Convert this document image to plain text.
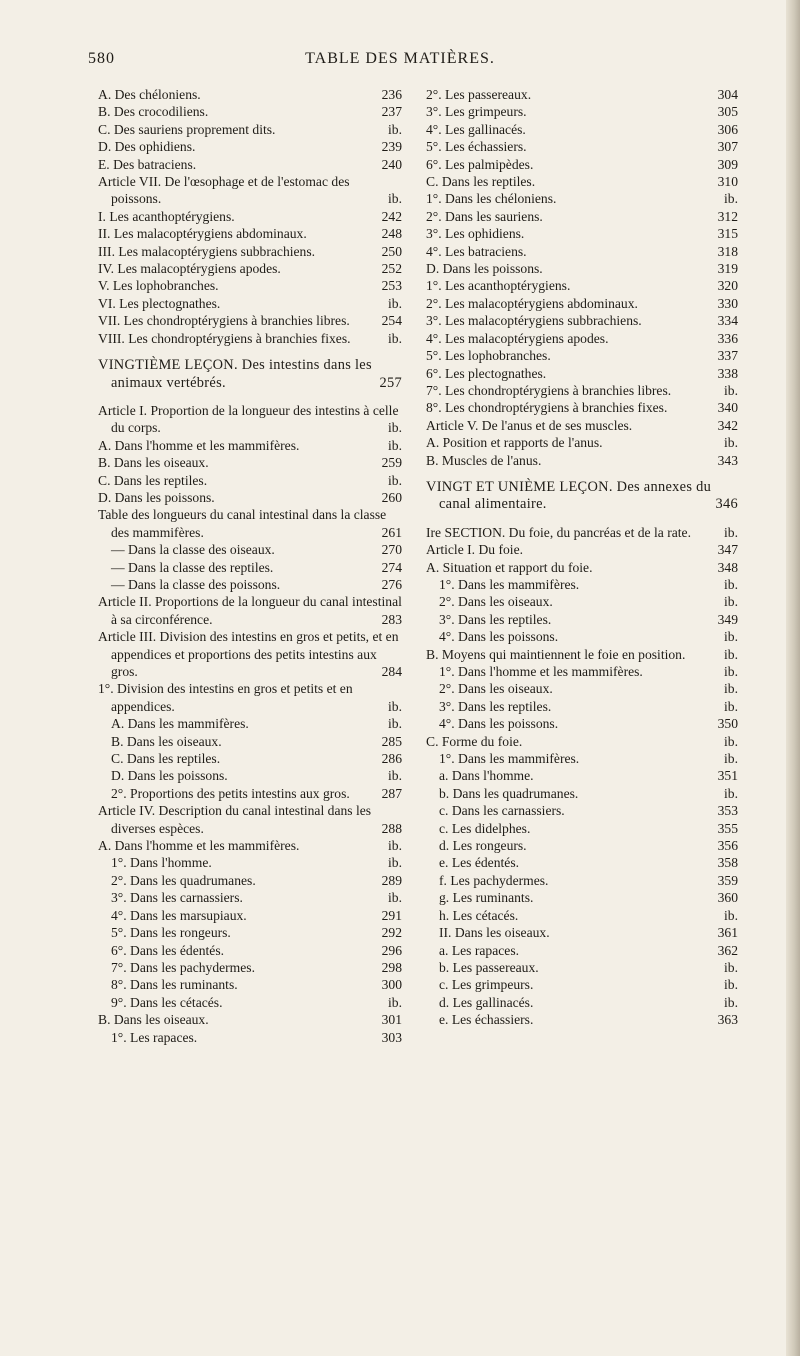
580	TABLE DES MATIÈRES.
A. Des chéloniens.	236
B. Des crocodiliens.	237
C. Des sauriens proprement dits.	ib.
D. Des ophidiens.	239
E. Des batraciens.	240
Article VII. De l'œsophage et de l'estomac des poissons.	ib.
I. Les acanthoptérygiens.	242
II. Les malacoptérygiens abdominaux.	248
III. Les malacoptérygiens subbrachiens.	250
IV. Les malacoptérygiens apodes.	252
V. Les lophobranches.	253
VI. Les plectognathes.	ib.
VII. Les chondroptérygiens à branchies libres.	254
VIII. Les chondroptérygiens à branchies fixes.	ib.
VINGTIÈME LEÇON. Des intestins dans les animaux vertébrés.	257
Article I. Proportion de la longueur des intestins à celle du corps.	ib.
A. Dans l'homme et les mammifères.	ib.
B. Dans les oiseaux.	259
C. Dans les reptiles.	ib.
D. Dans les poissons.	260
Table des longueurs du canal intestinal dans la classe des mammifères.	261
— Dans la classe des oiseaux.	270
— Dans la classe des reptiles.	274
— Dans la classe des poissons.	276
Article II. Proportions de la longueur du canal intestinal à sa circonférence.	283
Article III. Division des intestins en gros et petits, et en appendices et proportions des petits intestins aux gros.	284
1°. Division des intestins en gros et petits et en appendices.	ib.
A. Dans les mammifères.	ib.
B. Dans les oiseaux.	285
C. Dans les reptiles.	286
D. Dans les poissons.	ib.
2°. Proportions des petits intestins aux gros.	287
Article IV. Description du canal intestinal dans les diverses espèces.	288
A. Dans l'homme et les mammifères.	ib.
1°. Dans l'homme.	ib.
2°. Dans les quadrumanes.	289
3°. Dans les carnassiers.	ib.
4°. Dans les marsupiaux.	291
5°. Dans les rongeurs.	292
6°. Dans les édentés.	296
7°. Dans les pachydermes.	298
8°. Dans les ruminants.	300
9°. Dans les cétacés.	ib.
B. Dans les oiseaux.	301
1°. Les rapaces.	303
2°. Les passereaux.	304
3°. Les grimpeurs.	305
4°. Les gallinacés.	306
5°. Les échassiers.	307
6°. Les palmipèdes.	309
C. Dans les reptiles.	310
1°. Dans les chéloniens.	ib.
2°. Dans les sauriens.	312
3°. Les ophidiens.	315
4°. Les batraciens.	318
D. Dans les poissons.	319
1°. Les acanthoptérygiens.	320
2°. Les malacoptérygiens abdominaux.	330
3°. Les malacoptérygiens subbrachiens.	334
4°. Les malacoptérygiens apodes.	336
5°. Les lophobranches.	337
6°. Les plectognathes.	338
7°. Les chondroptérygiens à branchies libres.	ib.
8°. Les chondroptérygiens à branchies fixes.	340
Article V. De l'anus et de ses muscles.	342
A. Position et rapports de l'anus.	ib.
B. Muscles de l'anus.	343
VINGT ET UNIÈME LEÇON. Des annexes du canal alimentaire.	346
Ire SECTION. Du foie, du pancréas et de la rate.	ib.
Article I. Du foie.	347
A. Situation et rapport du foie.	348
1°. Dans les mammifères.	ib.
2°. Dans les oiseaux.	ib.
3°. Dans les reptiles.	349
4°. Dans les poissons.	ib.
B. Moyens qui maintiennent le foie en position.	ib.
1°. Dans l'homme et les mammifères.	ib.
2°. Dans les oiseaux.	ib.
3°. Dans les reptiles.	ib.
4°. Dans les poissons.	350
C. Forme du foie.	ib.
1°. Dans les mammifères.	ib.
a. Dans l'homme.	351
b. Dans les quadrumanes.	ib.
c. Dans les carnassiers.	353
c. Les didelphes.	355
d. Les rongeurs.	356
e. Les édentés.	358
f. Les pachydermes.	359
g. Les ruminants.	360
h. Les cétacés.	ib.
II. Dans les oiseaux.	361
a. Les rapaces.	362
b. Les passereaux.	ib.
c. Les grimpeurs.	ib.
d. Les gallinacés.	ib.
e. Les échassiers.	363
